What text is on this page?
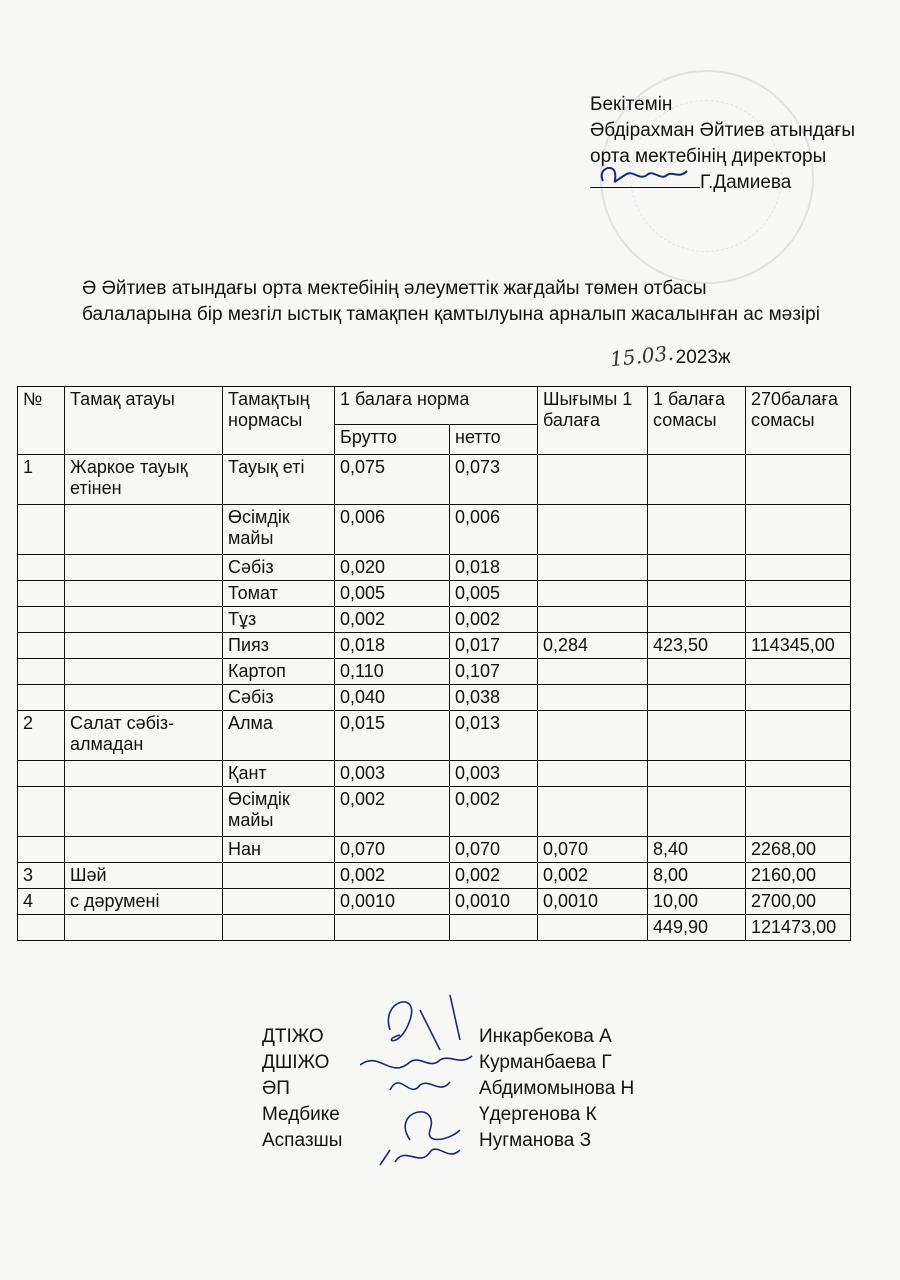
Бекітемін
Әбдірахман Әйтиев атындағы
орта мектебінің директоры
Г.Дамиева
Ә Әйтиев атындағы орта мектебінің әлеуметтік жағдайы төмен отбасы
балаларына бір мезгіл ыстық тамақпен қамтылуына арналып жасалынған ас мәзірі
15.03.2023ж
№	Тамақ атауы	Тамақтың нормасы	1 балаға норма		Шығымы 1 балаға	1 балаға сомасы	270балаға сомасы
			Брутто	нетто			
1	Жаркое тауық етінен	Тауық еті	0,075	0,073			
		Өсімдік майы	0,006	0,006			
		Сәбіз	0,020	0,018			
		Томат	0,005	0,005			
		Тұз	0,002	0,002			
		Пияз	0,018	0,017	0,284	423,50	114345,00
		Картоп	0,110	0,107			
		Сәбіз	0,040	0,038			
2	Салат сәбіз-алмадан	Алма	0,015	0,013			
		Қант	0,003	0,003			
		Өсімдік майы	0,002	0,002			
		Нан	0,070	0,070	0,070	8,40	2268,00
3	Шәй		0,002	0,002	0,002	8,00	2160,00
4	с дәрумені		0,0010	0,0010	0,0010	10,00	2700,00
						449,90	121473,00
ДТІЖО	Инкарбекова А
ДШІЖО	Курманбаева Г
ӘП	Абдимомынова Н
Медбике	Үдергенова К
Аспазшы	Нугманова З
